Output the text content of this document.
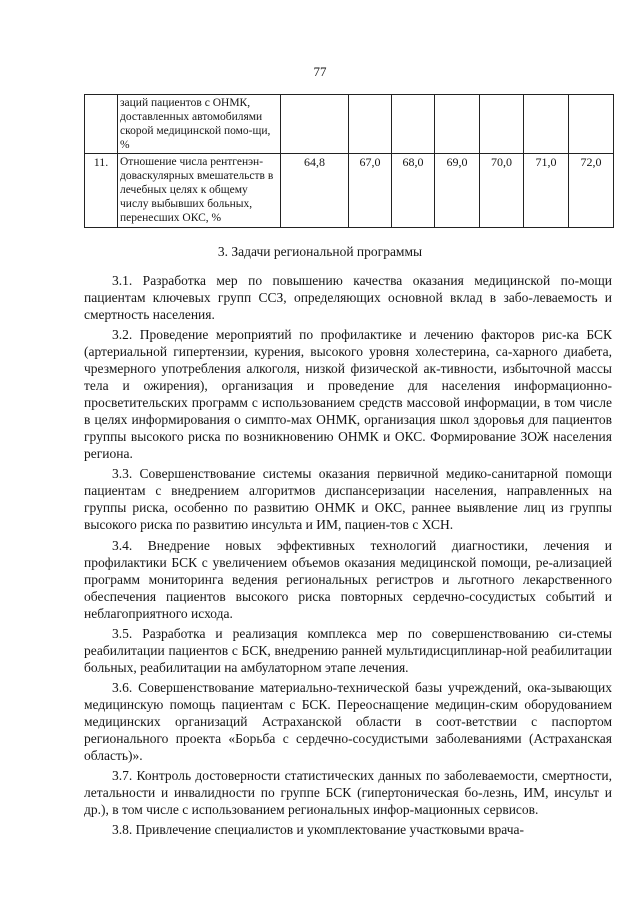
77
	заций пациентов с ОНМК, доставленных автомобилями скорой медицинской помо-щи, %							
11.	Отношение числа рентгенэн-доваскулярных вмешательств в лечебных целях к общему числу выбывших больных, перенесших ОКС, %	64,8	67,0	68,0	69,0	70,0	71,0	72,0
3. Задачи региональной программы

3.1. Разработка мер по повышению качества оказания медицинской по-мощи пациентам ключевых групп ССЗ, определяющих основной вклад в забо-леваемость и смертность населения.

3.2. Проведение мероприятий по профилактике и лечению факторов рис-ка БСК (артериальной гипертензии, курения, высокого уровня холестерина, са-харного диабета, чрезмерного употребления алкоголя, низкой физической ак-тивности, избыточной массы тела и ожирения), организация и проведение для населения информационно-просветительских программ с использованием средств массовой информации, в том числе в целях информирования о симпто-мах ОНМК, организация школ здоровья для пациентов группы высокого риска по возникновению ОНМК и ОКС. Формирование ЗОЖ населения региона.

3.3. Совершенствование системы оказания первичной медико-санитарной помощи пациентам с внедрением алгоритмов диспансеризации населения, направленных на группы риска, особенно по развитию ОНМК и ОКС, раннее выявление лиц из группы высокого риска по развитию инсульта и ИМ, пациен-тов с ХСН.

3.4. Внедрение новых эффективных технологий диагностики, лечения и профилактики БСК с увеличением объемов оказания медицинской помощи, ре-ализацией программ мониторинга ведения региональных регистров и льготного лекарственного обеспечения пациентов высокого риска повторных сердечно-сосудистых событий и неблагоприятного исхода.

3.5. Разработка и реализация комплекса мер по совершенствованию си-стемы реабилитации пациентов с БСК, внедрению ранней мультидисциплинар-ной реабилитации больных, реабилитации на амбулаторном этапе лечения.

3.6. Совершенствование материально-технической базы учреждений, ока-зывающих медицинскую помощь пациентам с БСК. Переоснащение медицин-ским оборудованием медицинских организаций Астраханской области в соот-ветствии с паспортом регионального проекта «Борьба с сердечно-сосудистыми заболеваниями (Астраханская область)».

3.7. Контроль достоверности статистических данных по заболеваемости, смертности, летальности и инвалидности по группе БСК (гипертоническая бо-лезнь, ИМ, инсульт и др.), в том числе с использованием региональных инфор-мационных сервисов.

3.8. Привлечение специалистов и укомплектование участковыми врача-
